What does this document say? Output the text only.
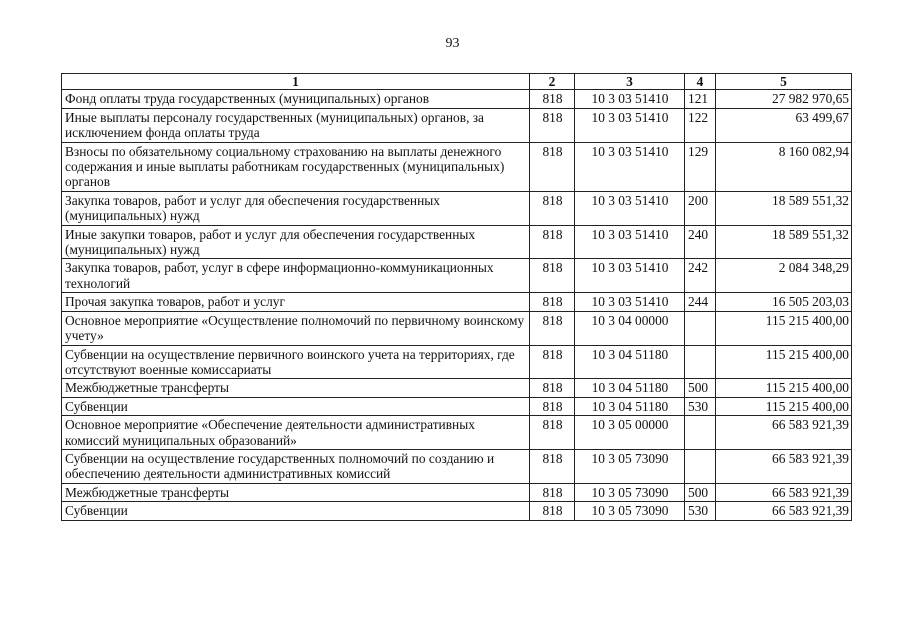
93
1	2	3	4	5
Фонд оплаты труда государственных (муниципальных) органов	818	10 3 03 51410	121	27 982 970,65
Иные выплаты персоналу государственных (муниципальных) органов, за исключением фонда оплаты труда	818	10 3 03 51410	122	63 499,67
Взносы по обязательному социальному страхованию на выплаты денежного содержания и иные выплаты работникам государственных (муниципальных) органов	818	10 3 03 51410	129	8 160 082,94
Закупка товаров, работ и услуг для обеспечения государственных (муниципальных) нужд	818	10 3 03 51410	200	18 589 551,32
Иные закупки товаров, работ и услуг для обеспечения государственных (муниципальных) нужд	818	10 3 03 51410	240	18 589 551,32
Закупка товаров, работ, услуг в сфере информационно-коммуникационных технологий	818	10 3 03 51410	242	2 084 348,29
Прочая закупка товаров, работ и услуг	818	10 3 03 51410	244	16 505 203,03
Основное мероприятие «Осуществление полномочий по первичному воинскому учету»	818	10 3 04 00000		115 215 400,00
Субвенции на осуществление первичного воинского учета на территориях, где отсутствуют военные комиссариаты	818	10 3 04 51180		115 215 400,00
Межбюджетные трансферты	818	10 3 04 51180	500	115 215 400,00
Субвенции	818	10 3 04 51180	530	115 215 400,00
Основное мероприятие «Обеспечение деятельности административных комиссий муниципальных образований»	818	10 3 05 00000		66 583 921,39
Субвенции на осуществление государственных полномочий по созданию и обеспечению деятельности административных комиссий	818	10 3 05 73090		66 583 921,39
Межбюджетные трансферты	818	10 3 05 73090	500	66 583 921,39
Субвенции	818	10 3 05 73090	530	66 583 921,39
